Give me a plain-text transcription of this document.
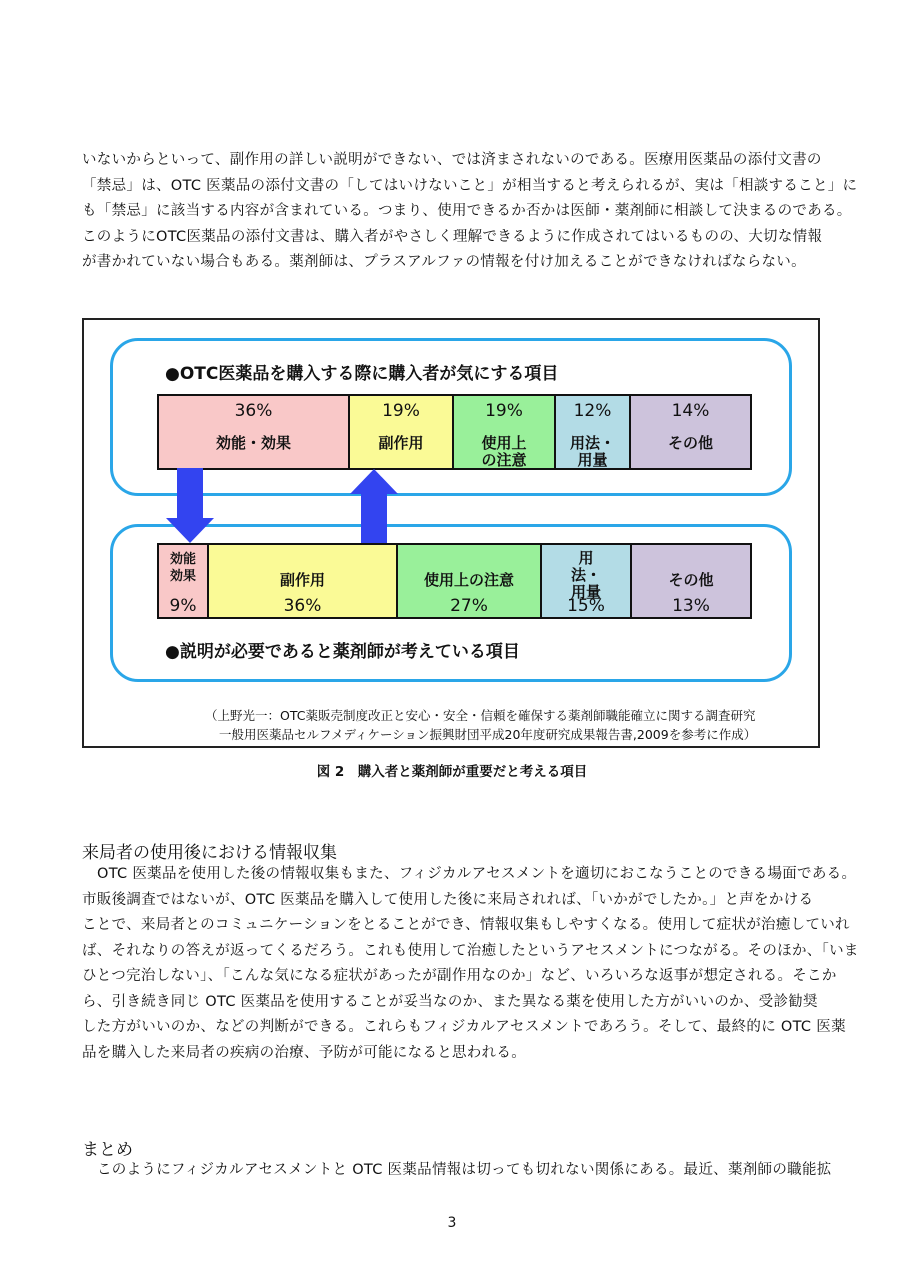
いないからといって、副作用の詳しい説明ができない、では済まされないのである。医療用医薬品の添付文書の

「禁忌」は、OTC 医薬品の添付文書の「してはいけないこと」が相当すると考えられるが、実は「相談すること」に

も「禁忌」に該当する内容が含まれている。つまり、使用できるか否かは医師・薬剤師に相談して決まるのである。

このようにOTC医薬品の添付文書は、購入者がやさしく理解できるように作成されてはいるものの、大切な情報

が書かれていない場合もある。薬剤師は、プラスアルファの情報を付け加えることができなければならない。

●OTC医薬品を購入する際に購入者が気にする項目
●説明が必要であると薬剤師が考えている項目
36%
効能・効果
19%
副作用
19%
使用上の注意
12%
用法・用量
14%
その他
効能効果
9%
副作用
36%
使用上の注意
27%
用法・用量
15%
その他
13%
（上野光一：OTC薬販売制度改正と安心・安全・信頼を確保する薬剤師職能確立に関する調査研究
一般用医薬品セルフメディケーション振興財団平成20年度研究成果報告書,2009を参考に作成）
図 2　購入者と薬剤師が重要だと考える項目
来局者の使用後における情報収集

OTC 医薬品を使用した後の情報収集もまた、フィジカルアセスメントを適切におこなうことのできる場面である。

市販後調査ではないが、OTC 医薬品を購入して使用した後に来局されれば、「いかがでしたか。」と声をかける

ことで、来局者とのコミュニケーションをとることができ、情報収集もしやすくなる。使用して症状が治癒していれ

ば、それなりの答えが返ってくるだろう。これも使用して治癒したというアセスメントにつながる。そのほか、「いま

ひとつ完治しない」、「こんな気になる症状があったが副作用なのか」など、いろいろな返事が想定される。そこか

ら、引き続き同じ OTC 医薬品を使用することが妥当なのか、また異なる薬を使用した方がいいのか、受診勧奨

した方がいいのか、などの判断ができる。これらもフィジカルアセスメントであろう。そして、最終的に OTC 医薬

品を購入した来局者の疾病の治療、予防が可能になると思われる。

まとめ

このようにフィジカルアセスメントと OTC 医薬品情報は切っても切れない関係にある。最近、薬剤師の職能拡

3
